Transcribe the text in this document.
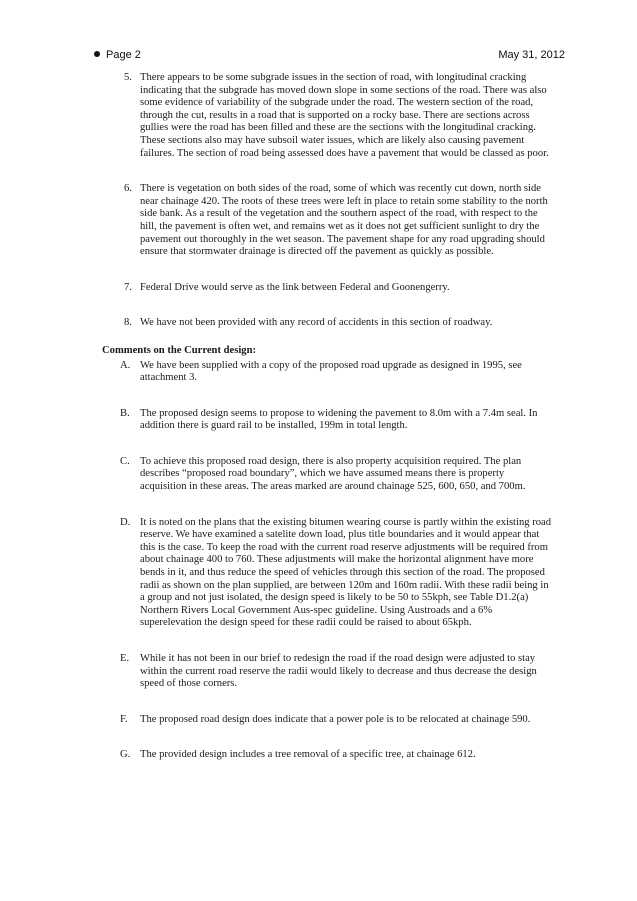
Page 2	May 31, 2012
5. There appears to be some subgrade issues in the section of road, with longitudinal cracking indicating that the subgrade has moved down slope in some sections of the road. There was also some evidence of variability of the subgrade under the road. The western section of the road, through the cut, results in a road that is supported on a rocky base. There are sections across gullies were the road has been filled and these are the sections with the longitudinal cracking. These sections also may have subsoil water issues, which are likely also causing pavement failures. The section of road being assessed does have a pavement that would be classed as poor.

6. There is vegetation on both sides of the road, some of which was recently cut down, north side near chainage 420. The roots of these trees were left in place to retain some stability to the north side bank. As a result of the vegetation and the southern aspect of the road, with respect to the hill, the pavement is often wet, and remains wet as it does not get sufficient sunlight to dry the pavement out thoroughly in the wet season. The pavement shape for any road upgrading should ensure that stormwater drainage is directed off the pavement as quickly as possible.

7. Federal Drive would serve as the link between Federal and Goonengerry.

8. We have not been provided with any record of accidents in this section of roadway.

Comments on the Current design:

A. We have been supplied with a copy of the proposed road upgrade as designed in 1995, see attachment 3.

B. The proposed design seems to propose to widening the pavement to 8.0m with a 7.4m seal. In addition there is guard rail to be installed, 199m in total length.

C. To achieve this proposed road design, there is also property acquisition required. The plan describes “proposed road boundary”, which we have assumed means there is property acquisition in these areas. The areas marked are around chainage 525, 600, 650, and 700m.

D. It is noted on the plans that the existing bitumen wearing course is partly within the existing road reserve. We have examined a satelite down load, plus title boundaries and it would appear that this is the case. To keep the road with the current road reserve adjustments will be required from about chainage 400 to 760. These adjustments will make the horizontal alignment have more bends in it, and thus reduce the speed of vehicles through this section of the road. The proposed radii as shown on the plan supplied, are between 120m and 160m radii. With these radii being in a group and not just isolated, the design speed is likely to be 50 to 55kph, see Table D1.2(a) Northern Rivers Local Government Aus-spec guideline. Using Austroads and a 6% superelevation the design speed for these radii could be raised to about 65kph.

E. While it has not been in our brief to redesign the road if the road design were adjusted to stay within the current road reserve the radii would likely to decrease and thus decrease the design speed of those corners.

F. The proposed road design does indicate that a power pole is to be relocated at chainage 590.

G. The provided design includes a tree removal of a specific tree, at chainage 612.
